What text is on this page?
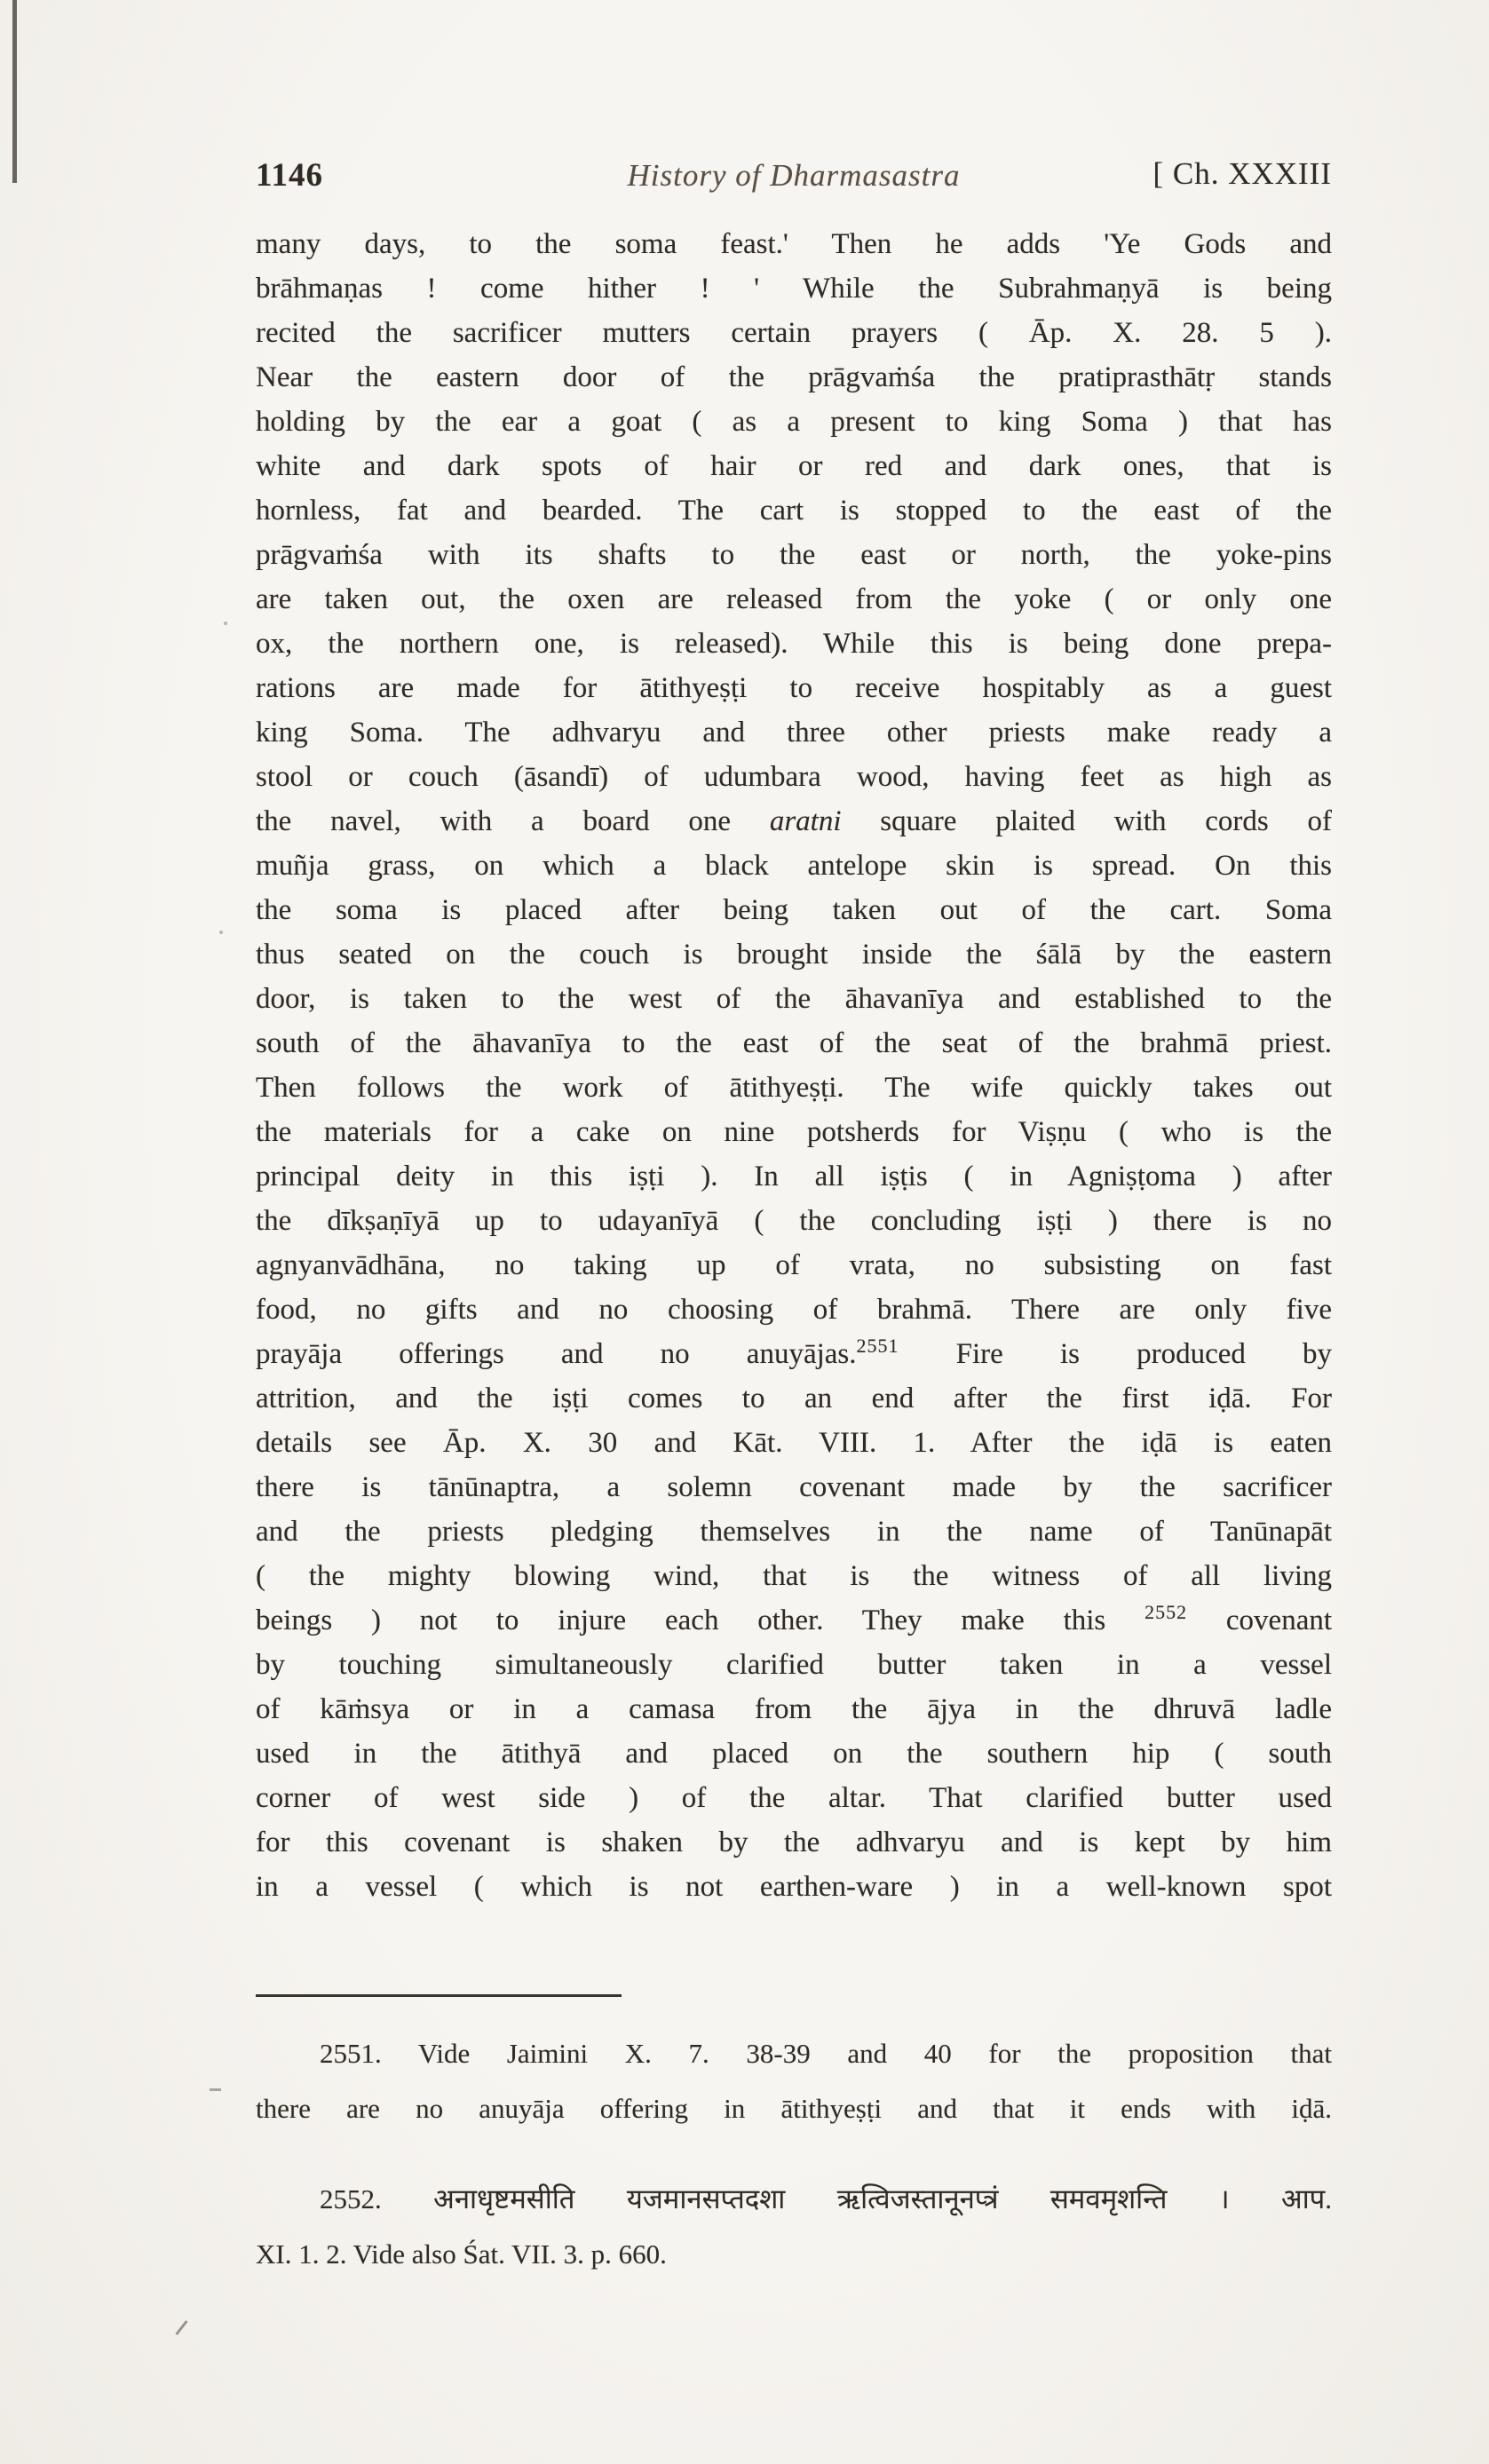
1146	History of Dharmasastra	[ Ch. XXXIII
many days, to the soma feast.' Then he adds 'Ye Gods and
brāhmaṇas ! come hither ! ' While the Subrahmaṇyā is being
recited the sacrificer mutters certain prayers ( Āp. X. 28. 5 ).
Near the eastern door of the prāgvaṁśa the pratiprasthātṛ stands
holding by the ear a goat ( as a present to king Soma ) that has
white and dark spots of hair or red and dark ones, that is
hornless, fat and bearded. The cart is stopped to the east of the
prāgvaṁśa with its shafts to the east or north, the yoke-pins
are taken out, the oxen are released from the yoke ( or only one
ox, the northern one, is released). While this is being done prepa-
rations are made for ātithyeṣṭi to receive hospitably as a guest
king Soma. The adhvaryu and three other priests make ready a
stool or couch (āsandī) of udumbara wood, having feet as high as
the navel, with a board one aratni square plaited with cords of
muñja grass, on which a black antelope skin is spread. On this
the soma is placed after being taken out of the cart. Soma
thus seated on the couch is brought inside the śālā by the eastern
door, is taken to the west of the āhavanīya and established to the
south of the āhavanīya to the east of the seat of the brahmā priest.
Then follows the work of ātithyeṣṭi. The wife quickly takes out
the materials for a cake on nine potsherds for Viṣṇu ( who is the
principal deity in this iṣṭi ). In all iṣṭis ( in Agniṣṭoma ) after
the dīkṣaṇīyā up to udayanīyā ( the concluding iṣṭi ) there is no
agnyanvādhāna, no taking up of vrata, no subsisting on fast
food, no gifts and no choosing of brahmā. There are only five
prayāja offerings and no anuyājas.$^{2551}$ Fire is produced by
attrition, and the iṣṭi comes to an end after the first iḍā. For
details see Āp. X. 30 and Kāt. VIII. 1. After the iḍā is eaten
there is tānūnaptra, a solemn covenant made by the sacrificer
and the priests pledging themselves in the name of Tanūnapāt
( the mighty blowing wind, that is the witness of all living
beings ) not to injure each other. They make this $^{2552}$ covenant
by touching simultaneously clarified butter taken in a vessel
of kāṁsya or in a camasa from the ājya in the dhruvā ladle
used in the ātithyā and placed on the southern hip ( south
corner of west side ) of the altar. That clarified butter used
for this covenant is shaken by the adhvaryu and is kept by him
in a vessel ( which is not earthen-ware ) in a well-known spot
2551. Vide Jaimini X. 7. 38-39 and 40 for the proposition that
there are no anuyāja offering in ātithyeṣṭi and that it ends with iḍā.
2552. अनाधृष्टमसीति यजमानसप्तदशा ऋत्विजस्तानूनप्त्रं समवमृशन्ति । आप.
XI. 1. 2. Vide also Śat. VII. 3. p. 660.
